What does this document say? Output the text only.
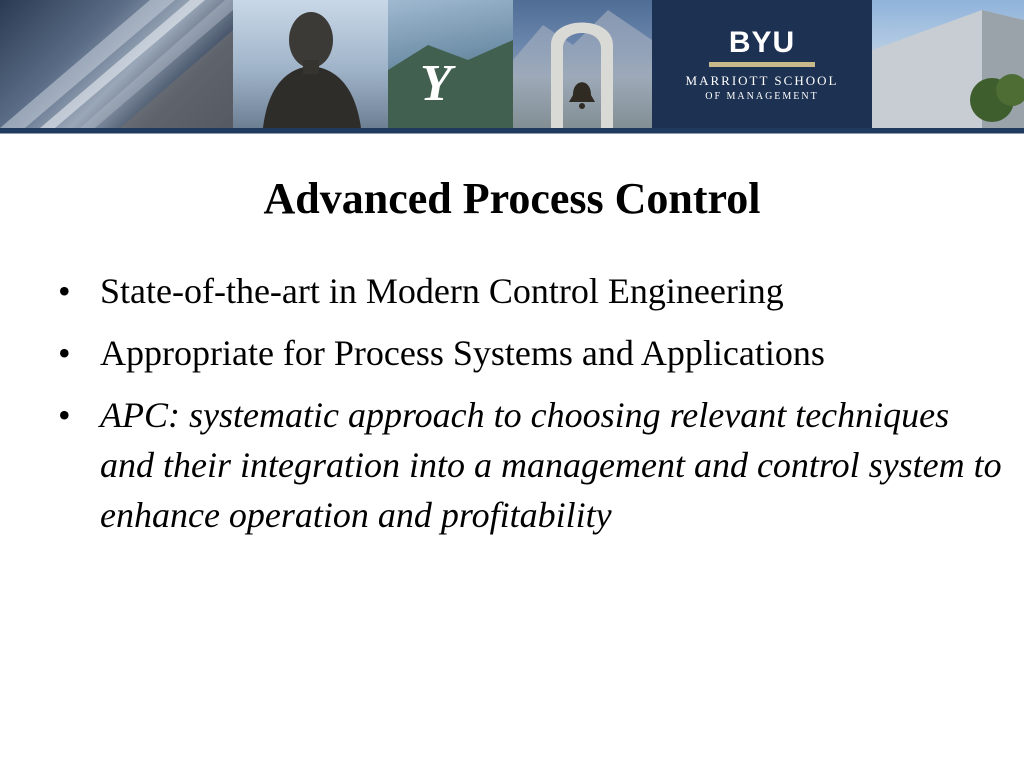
Y
BYU
MARRIOTT SCHOOL
OF MANAGEMENT
Advanced Process Control
• State-of-the-art in Modern Control Engineering
• Appropriate for Process Systems and Applications
• APC: systematic approach to choosing relevant techniques and their integration into a management and control system to enhance operation and profitability
